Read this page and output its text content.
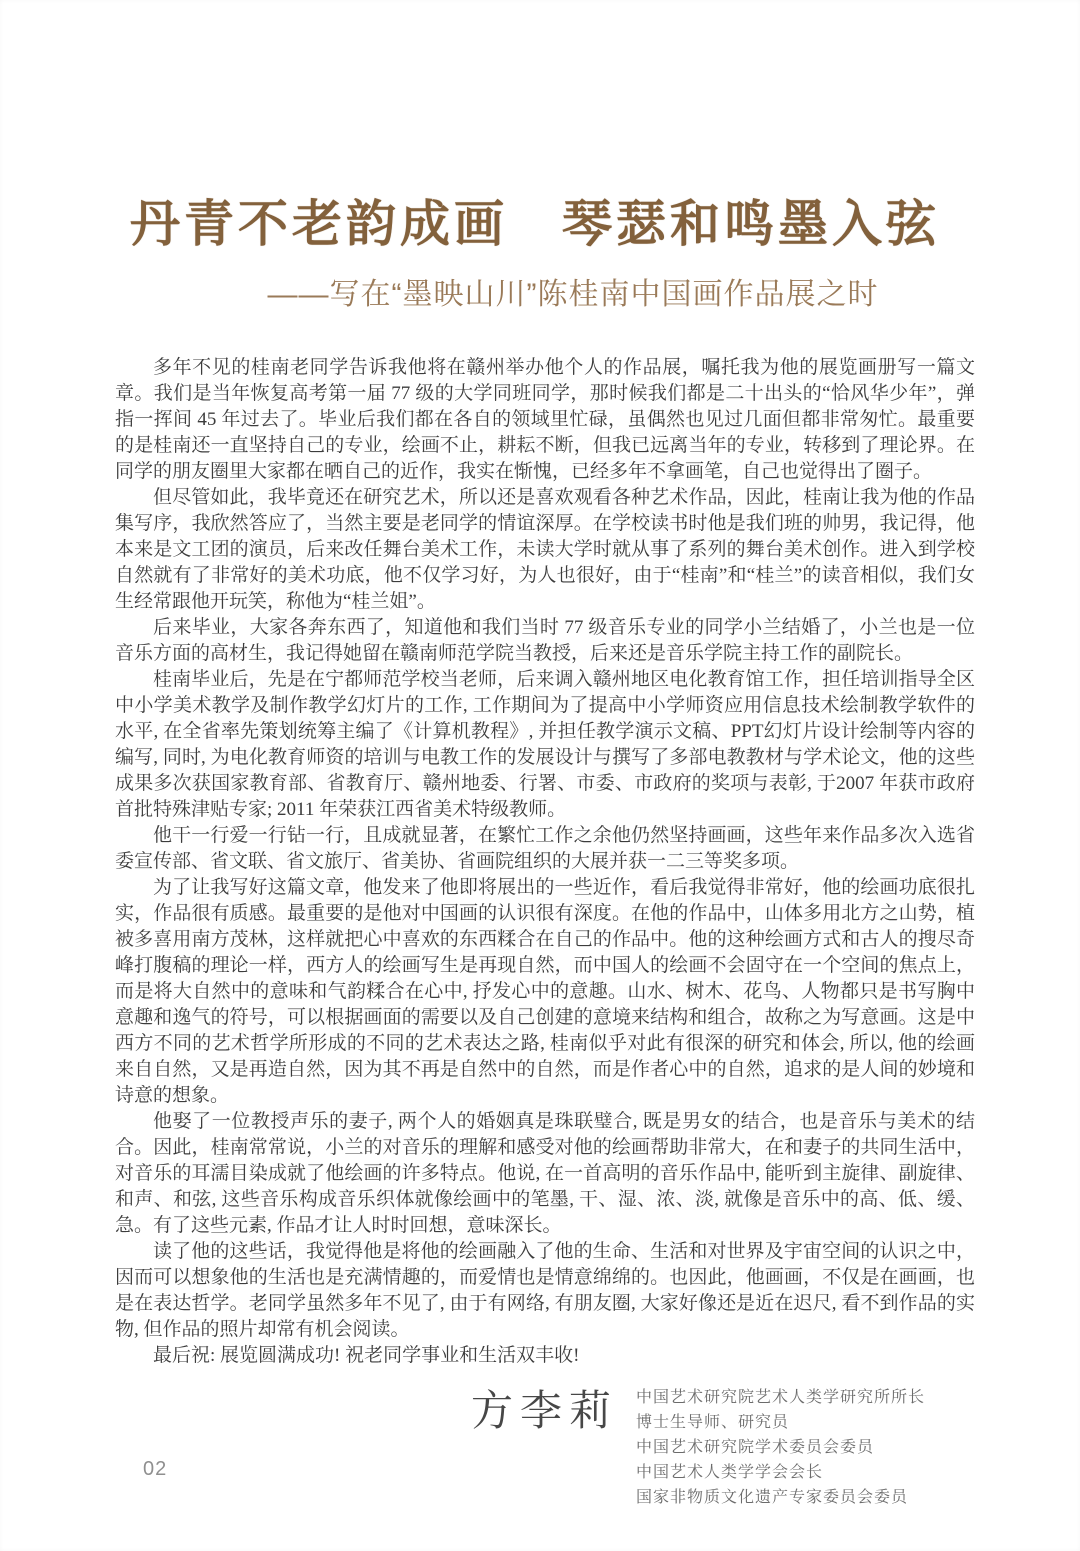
丹青不老韵成画　琴瑟和鸣墨入弦
——写在“墨映山川”陈桂南中国画作品展之时

多年不见的桂南老同学告诉我他将在赣州举办他个人的作品展，嘱托我为他的展览画册写一篇文章。我们是当年恢复高考第一届 77 级的大学同班同学，那时候我们都是二十出头的“恰风华少年”，弹指一挥间 45 年过去了。毕业后我们都在各自的领域里忙碌，虽偶然也见过几面但都非常匆忙。最重要的是桂南还一直坚持自己的专业，绘画不止，耕耘不断，但我已远离当年的专业，转移到了理论界。在同学的朋友圈里大家都在晒自己的近作，我实在惭愧，已经多年不拿画笔，自己也觉得出了圈子。

但尽管如此，我毕竟还在研究艺术，所以还是喜欢观看各种艺术作品，因此，桂南让我为他的作品集写序，我欣然答应了，当然主要是老同学的情谊深厚。在学校读书时他是我们班的帅男，我记得，他本来是文工团的演员，后来改任舞台美术工作，未读大学时就从事了系列的舞台美术创作。进入到学校自然就有了非常好的美术功底，他不仅学习好，为人也很好，由于“桂南”和“桂兰”的读音相似，我们女生经常跟他开玩笑，称他为“桂兰姐”。

后来毕业，大家各奔东西了，知道他和我们当时 77 级音乐专业的同学小兰结婚了，小兰也是一位音乐方面的高材生，我记得她留在赣南师范学院当教授，后来还是音乐学院主持工作的副院长。

桂南毕业后，先是在宁都师范学校当老师，后来调入赣州地区电化教育馆工作，担任培训指导全区中小学美术教学及制作教学幻灯片的工作, 工作期间为了提高中小学师资应用信息技术绘制教学软件的水平, 在全省率先策划统筹主编了《计算机教程》, 并担任教学演示文稿、PPT幻灯片设计绘制等内容的编写, 同时, 为电化教育师资的培训与电教工作的发展设计与撰写了多部电教教材与学术论文，他的这些成果多次获国家教育部、省教育厅、赣州地委、行署、市委、市政府的奖项与表彰, 于2007 年获市政府首批特殊津贴专家; 2011 年荣获江西省美术特级教师。

他干一行爱一行钻一行，且成就显著，在繁忙工作之余他仍然坚持画画，这些年来作品多次入选省委宣传部、省文联、省文旅厅、省美协、省画院组织的大展并获一二三等奖多项。

为了让我写好这篇文章，他发来了他即将展出的一些近作，看后我觉得非常好，他的绘画功底很扎实，作品很有质感。最重要的是他对中国画的认识很有深度。在他的作品中，山体多用北方之山势，植被多喜用南方茂林，这样就把心中喜欢的东西糅合在自己的作品中。他的这种绘画方式和古人的搜尽奇峰打腹稿的理论一样，西方人的绘画写生是再现自然，而中国人的绘画不会固守在一个空间的焦点上，而是将大自然中的意味和气韵糅合在心中, 抒发心中的意趣。山水、树木、花鸟、人物都只是书写胸中意趣和逸气的符号，可以根据画面的需要以及自己创建的意境来结构和组合，故称之为写意画。这是中西方不同的艺术哲学所形成的不同的艺术表达之路, 桂南似乎对此有很深的研究和体会, 所以, 他的绘画来自自然，又是再造自然，因为其不再是自然中的自然，而是作者心中的自然，追求的是人间的妙境和诗意的想象。

他娶了一位教授声乐的妻子, 两个人的婚姻真是珠联璧合, 既是男女的结合，也是音乐与美术的结合。因此，桂南常常说，小兰的对音乐的理解和感受对他的绘画帮助非常大，在和妻子的共同生活中，对音乐的耳濡目染成就了他绘画的许多特点。他说, 在一首高明的音乐作品中, 能听到主旋律、副旋律、和声、和弦, 这些音乐构成音乐织体就像绘画中的笔墨, 干、湿、浓、淡, 就像是音乐中的高、低、缓、急。有了这些元素, 作品才让人时时回想，意味深长。

读了他的这些话，我觉得他是将他的绘画融入了他的生命、生活和对世界及宇宙空间的认识之中，因而可以想象他的生活也是充满情趣的，而爱情也是情意绵绵的。也因此，他画画，不仅是在画画，也是在表达哲学。老同学虽然多年不见了, 由于有网络, 有朋友圈, 大家好像还是近在迟尺, 看不到作品的实物, 但作品的照片却常有机会阅读。

最后祝: 展览圆满成功! 祝老同学事业和生活双丰收!

方李莉 中国艺术研究院艺术人类学研究所所长
博士生导师、研究员
中国艺术研究院学术委员会委员
中国艺术人类学学会会长
国家非物质文化遗产专家委员会委员
02
